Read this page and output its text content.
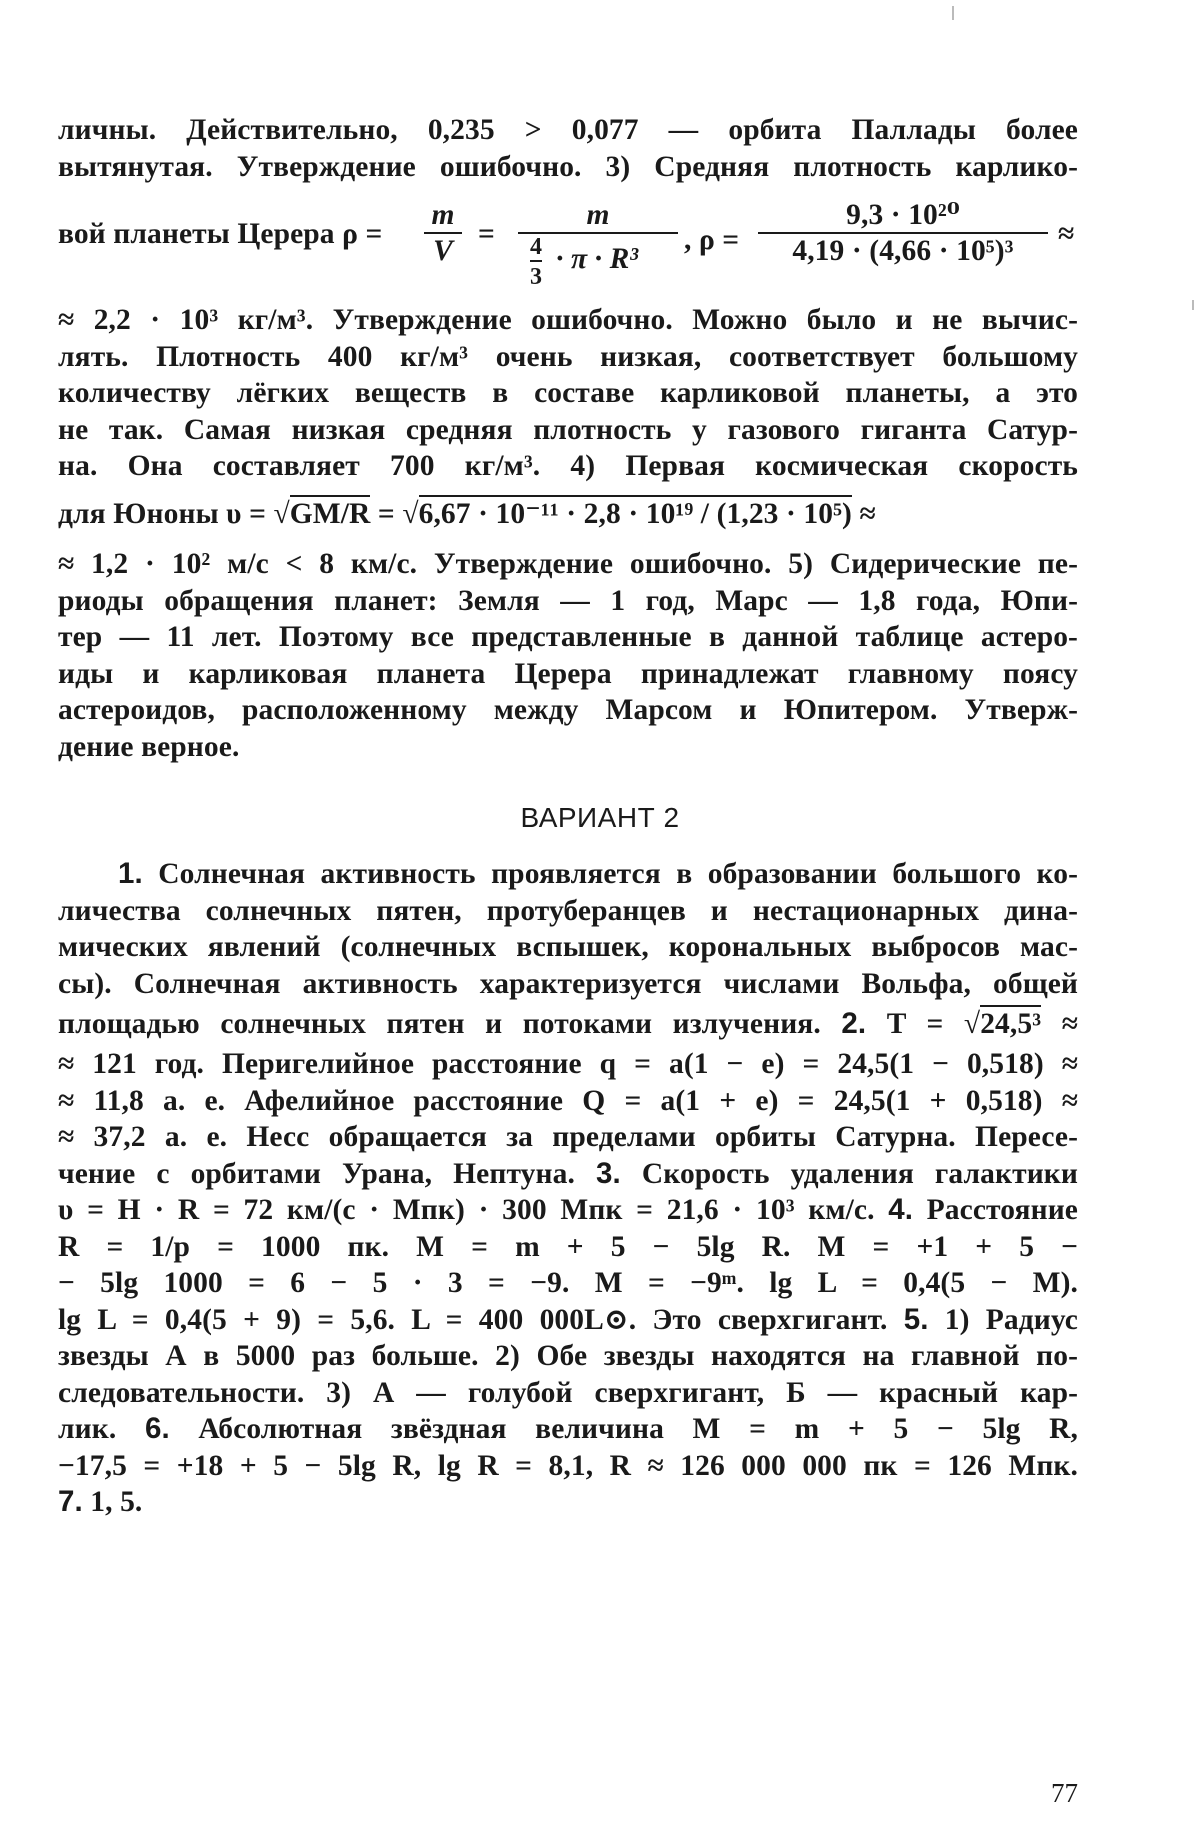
личны. Действительно, 0,235 > 0,077 — орбита Паллады более
вытянутая. Утверждение ошибочно. 3) Средняя плотность карлико-
вой планеты Церера $\rho = \frac{m}{V} = m$
4
3
· π · R³ , $\rho = \frac{\text{9,3 · 10²⁰}}{\text{4,19 · (4,66 · 10⁵)³}}$ ≈
≈ 2,2 · 10³ кг/м³. Утверждение ошибочно. Можно было и не вычис-
лять. Плотность 400 кг/м³ очень низкая, соответствует большому
количеству лёгких веществ в составе карликовой планеты, а это
не так. Самая низкая средняя плотность у газового гиганта Сатур-
на. Она составляет 700 кг/м³. 4) Первая космическая скорость
для Юноны υ = √GM/R = √6,67 · 10⁻¹¹ · 2,8 · 10¹⁹ / (1,23 · 10⁵) ≈
≈ 1,2 · 10² м/с < 8 км/с. Утверждение ошибочно. 5) Сидерические пе-
риоды обращения планет: Земля — 1 год, Марс — 1,8 года, Юпи-
тер — 11 лет. Поэтому все представленные в данной таблице астеро-
иды и карликовая планета Церера принадлежат главному поясу
астероидов, расположенному между Марсом и Юпитером. Утверж-
дение верное.
ВАРИАНТ 2
1. Солнечная активность проявляется в образовании большого ко-
личества солнечных пятен, протуберанцев и нестационарных дина-
мических явлений (солнечных вспышек, корональных выбросов мас-
сы). Солнечная активность характеризуется числами Вольфа, общей
площадью солнечных пятен и потоками излучения. 2. T = √24,5³ ≈
≈ 121 год. Перигелийное расстояние q = a(1 − e) = 24,5(1 − 0,518) ≈
≈ 11,8 а. е. Афелийное расстояние Q = a(1 + e) = 24,5(1 + 0,518) ≈
≈ 37,2 а. е. Несс обращается за пределами орбиты Сатурна. Пересе-
чение с орбитами Урана, Нептуна. 3. Скорость удаления галактики
υ = H · R = 72 км/(с · Мпк) · 300 Мпк = 21,6 · 10³ км/с. 4. Расстояние
R = 1/p = 1000 пк. M = m + 5 − 5lg R. M = +1 + 5 −
− 5lg 1000 = 6 − 5 · 3 = −9. M = −9ᵐ. lg L = 0,4(5 − M).
lg L = 0,4(5 + 9) = 5,6. L = 400 000L⊙. Это сверхгигант. 5. 1) Радиус
звезды А в 5000 раз больше. 2) Обе звезды находятся на главной по-
следовательности. 3) А — голубой сверхгигант, Б — красный кар-
лик. 6. Абсолютная звёздная величина M = m + 5 − 5lg R,
−17,5 = +18 + 5 − 5lg R, lg R = 8,1, R ≈ 126 000 000 пк = 126 Мпк.
7. 1, 5.
77
